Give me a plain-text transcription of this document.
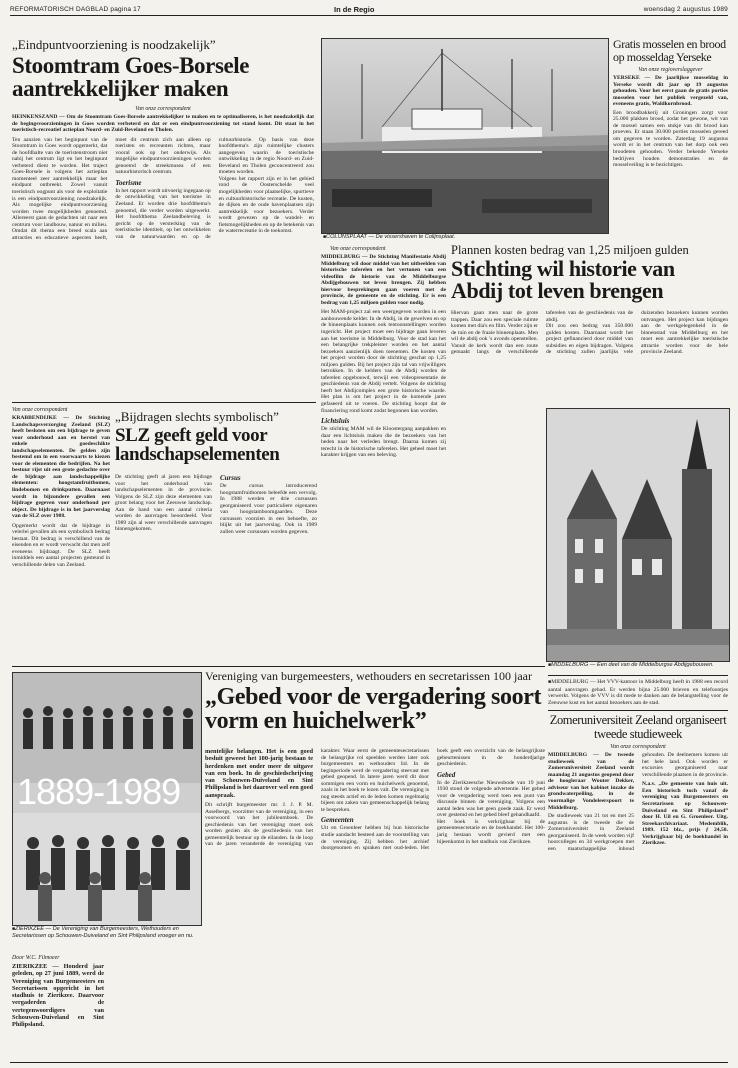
REFORMATORISCH DAGBLAD pagina 17	In de Regio	woensdag 2 augustus 1989
„Eindpuntvoorziening is noodzakelijk”
Stoomtram Goes-Borsele aantrekkelijker maken

Van onze correspondent

HEINKENSZAND — Om de Stoomtram Goes-Borsele aantrekkelijker te maken en te optimaliseren, is het noodzakelijk dat de begingsvoorzieningen in Goes worden verbeterd en dat er een eindpuntvoorziening tot stand komt. Dit staat in het toeristisch-recreatief actieplan Noord- en Zuid-Beveland en Tholen.

Ten aanzien van het beginpunt van de Stoomtram in Goes wordt opgemerkt, dat de hoofdhalte van de toeristenstroom niet nabij het centrum ligt en het beginpunt verbeterd dient te worden. Het traject Goes-Borsele is volgens het actieplan momenteel zeer aantrekkelijk maar het eindpunt ontbreekt. Zowel vanuit toeristisch oogpunt als voor de exploitatie is een eindpuntvoorziening noodzakelijk. Als mogelijke eindpuntvoorziening worden twee mogelijkheden genoemd. Allereerst gaan de gedachten uit naar een centrum voor landbouw, natuur en milieu. Omdat dit thema een breed scala aan attracties en educatieve aspecten heeft, moet dit centrum zich aan alleen op toeristen en recreanten richten, maar vooral ook op het onderwijs. Als mogelijke eindpuntvoorzieningen worden genoemd de streekmusea of een natuurhistorisch centrum.

Toerisme

In het rapport wordt uitvoerig ingegaan op de ontwikkeling van het toerisme in Zeeland. Er worden drie hoofdthema's genoemd, die verder worden uitgewerkt. Het hoofdthema Zeelandbeleving is gericht op de versterking van de toeristische identiteit, op het ontwikkelen van de natuurwaarden en op de cultuurhistorie. Op basis van deze hoofdthema's zijn ruimtelijke clusters aangegeven waarin de toeristische ontwikkeling in de regio Noord- en Zuid-Beveland en Tholen geconcentreerd zou moeten worden.

Volgens het rapport zijn er in het gebied rond de Oosterschelde veel mogelijkheden voor plaatselijke, sportieve en cultuurhistorische recreatie. De kusten, de dijken en de oude havenplaatsen zijn aantrekkelijk voor bezoekers. Verder wordt gewezen op de wandel- en fietsmogelijkheden en op de betekenis van de waterrecreatie in de toekomst.

■ COLIJNSPLAAT — De vissershaven te Colijnsplaat.
Gratis mosselen en brood op mosseldag Yerseke

Van onze regioverslaggever

YERSEKE — De jaarlijkse mosseldag in Yerseke wordt dit jaar op 19 augustus gehouden. Voor het eerst gaan de gratis porties mosselen voor het publiek vergezeld van, eveneens gratis, Waldkornbrood.

Een broodbakkerij uit Groningen zorgt voor 25.000 plakken brood, zodat het gewone, wit van de mossel samen een stukje van dit brood kan proeven. Er staan 30.000 porties mosselen gereed om gegeven te worden. Zaterdag 19 augustus wordt er in het centrum van het dorp ook een broodeten gehouden. Verder bekende Yerseke bedrijven houden demonstraties en de mosselveiling is te bezichtigen.

Van onze correspondent	Plannen kosten bedrag van 1,25 miljoen gulden
Stichting wil historie van Abdij tot leven brengen

MIDDELBURG — De Stichting Manifestatie Abdij Middelburg wil door middel van het uitbeelden van historische taferelen en het vertonen van een videofilm de historie van de Middelburgse Abdijgebouwen tot leven brengen. Zij hebben hiervoor besprekingen gaan voeren met de provincie, de gemeente en de stichting. Er is een bedrag van 1,25 miljoen gulden voor nodig.

Het MAM-project zal een weergegeven worden in een aanbouwende kelder. In de Abdij, in de gewelven en op de binnenplaats kunnen ook tentoonstellingen worden ingericht. Het project moet een bijdrage gaan leveren aan het toerisme in Middelburg. Voor de stad kan het een belangrijke trekpleister worden en het aantal bezoekers aanzienlijk doen toenemen. De kosten van het project worden door de stichting geschat op 1,25 miljoen gulden. Bij het project zijn tal van vrijwilligers betrokken. In de kelders van de Abdij worden de taferelen opgebouwd, terwijl een videopresentatie de geschiedenis van de Abdij vertelt. Volgens de stichting heeft het Abdijcomplex een grote historische waarde. Het plan is om het project in de komende jaren gefaseerd uit te voeren. De stichting hoopt dat de financiering rond komt zodat begonnen kan worden.

Lichtsluis

De stichting MAM wil de Kloostergang aanpakken en daar een lichtsluis maken die de bezoekers van het heden naar het verleden brengt. Daarna komen zij terecht in de historische taferelen. Het geheel moet het karakter krijgen van een beleving.

Hiervan gaan men naar de grote trappen. Daar zou een speciale ruimte komen met dia's en film. Verder zijn er de tuin en de fraaie binnenplaats. Men wil de abdij ook 's avonds openstellen. Vanuit de kerk wordt dan een route gemaakt langs de verschillende taferelen van de geschiedenis van de abdij.

Dit zou een bedrag van 350.000 gulden kosten. Daarnaast wordt het project gefinancierd door middel van subsidies en eigen bijdragen. Volgens de stichting zullen jaarlijks vele duizenden bezoekers kunnen worden ontvangen. Het project kan bijdragen aan de werkgelegenheid in de binnenstad van Middelburg en het moet een aantrekkelijke toeristische attractie worden voor de hele provincie Zeeland.

■ MIDDELBURG — Een deel van de Middelburgse Abdijgebouwen.

Van onze correspondent

KRABBENDIJKE — De Stichting Landschapsverzorging Zeeland (SLZ) heeft besloten om een bijdrage te geven voor onderhoud aan en herstel van enkele goedeschikte landschapselementen. De gelden zijn bestemd om in een voorwaarts te kiezen voor de elementen die bedrijfen. Na het bestuur rijst uit een grote gedachte over de bijdrage aan landschappelijke elementen: hoogstamfruitbomen, lindebomen en drinkputten. Daarnaast wordt in bijzondere gevallen een bijdrage gegeven voor onderhoud per object. De bijdrage is in het jaarverslag van de SLZ over 1988.

Opgemerkt wordt dat de bijdrage in velerlei gevallen als een symbolisch bedrag bestaat. Dit bedrag is verschillend van de eisenden en er wordt verwacht dat men zelf eveneens bijdraagt. De SLZ heeft inmiddels een aantal projecten gesteund in verschillende delen van Zeeland.

„Bijdragen slechts symbolisch”
SLZ geeft geld voor landschapselementen

De stichting geeft al jaren een bijdrage voor het onderhoud van landschapselementen in de provincie. Volgens de SLZ zijn deze elementen van groot belang voor het Zeeuwse landschap. Aan de hand van een aantal criteria worden de aanvragen beoordeeld. Voor 1989 zijn al weer verschillende aanvragen binnengekomen.

Cursus

De cursus introducerend hoogstamfruitbomen beleefde een vervolg. In 1988 werden er drie cursussen georganiseerd voor particuliere eigenaren van hoogstamboomgaarden. Deze cursussen voorzien in een behoefte, zo blijkt uit het jaarverslag. Ook in 1989 zullen weer cursussen worden gegeven.

Vereniging van burgemeesters, wethouders en secretarissen 100 jaar
„Gebed voor de vergadering soort vorm en huichelwerk”
1889-1989
■ ZIERIKZEE — De Vereniging van Burgemeesters, Wethouders en Secretarissen op Schouwen-Duiveland en Sint Philipsland vroeger en nu.

Door W.C. Filmoeer

ZIERIKZEE — Honderd jaar geleden, op 27 juni 1889, werd de Vereniging van Burgemeesters en Secretarissen opgericht in het stadhuis te Zierikzee. Daarvoor vergaderden de vertegenwoordigers van Schouwen-Duiveland en Sint Philipsland.

mentelijke belangen. Het is een goed besluit geweest het 100-jarig bestaan te herdenken met onder meer de uitgave van een boek. In de geschiedschrijving van Schouwen-Duiveland en Sint Philipsland is het daarover wel een goed aanspraak.

Dit schrijft burgemeester mr. J. J. P. M. Asselbergs, voorzitter van de vereniging, in een voorwoord van het jubileumboek. De geschiedenis van het vereniging moet ook worden gezien als de geschiedenis van het gemeentelijk bestuur op de eilanden. In de loop van de jaren veranderde de vereniging van karakter. Waar eerst de gemeentesecretarissen de belangrijke rol speelden werden later ook burgemeesters en wethouders lid. In de beginperiode werd de vergadering steevast met gebed geopend. In latere jaren werd dit door sommigen een vorm en huichelwerk genoemd, zoals in het boek te lezen valt. De vereniging is nog steeds actief en de leden komen regelmatig bijeen om zaken van gemeenschappelijk belang te bespreken.

Gemeenten

Uit en Groenleer hebben bij hun historische studie aandacht besteed aan de voorstelling van de vereniging. Zij hebben het archief doorgenomen en spraken met oud-leden. Het boek geeft een overzicht van de belangrijkste gebeurtenissen in de honderdjarige geschiedenis.

Gebed

In de Zierikzeesche Nieuwsbode van 19 juni 1930 stond de volgende advertentie. Het gebed voor de vergadering werd toen een punt van discussie binnen de vereniging. Volgens een aantal leden was het geen goede zaak. Er werd over gestemd en het gebed bleef gehandhaafd.

Het boek is verkrijgbaar bij de gemeentesecretarie en de boekhandel. Het 100-jarig bestaan wordt gevierd met een bijeenkomst in het stadhuis van Zierikzee.

■ MIDDELBURG — Het VVV-kantoor in Middelburg heeft in 1988 een record aantal aanvragen gehad. Er werden bijna 25.000 brieven en telefoontjes verwerkt. Volgens de VVV is dit mede te danken aan de belangstelling voor de Zeeuwse kust en het aantal bezoekers aan de stad.

Zomeruniversiteit Zeeland organiseert tweede studieweek

Van onze correspondent

MIDDELBURG — De tweede studieweek van de Zomeruniversiteit Zeeland wordt maandag 21 augustus geopend door de hoogleraar Wouter Dekker, adviseur van het kabinet inzake de grondwaterpeiling, in de voormalige Vondeleerspoort te Middelburg.

De studieweek van 21 tot en met 25 augustus is de tweede die de Zomeruniversiteit in Zeeland georganiseerd. In de week worden vijf hoorcolleges en 34 werkgroepen met een maatschappelijke inhoud gehouden. De deelnemers komen uit het hele land. Ook worden er excursies georganiseerd naar verschillende plaatsen in de provincie.

N.a.v. „De gemeente van huis uit. Een historisch toch vanaf de vereniging van Burgemeesters en Secretarissen op Schouwen-Duiveland en Sint Philipsland” door H. Uil en G. Groenleer. Uitg. Streekarchivariaat. Medemblik, 1989. 152 blz., prijs ƒ 24,50. Verkrijgbaar bij de boekhandel in Zierikzee.
